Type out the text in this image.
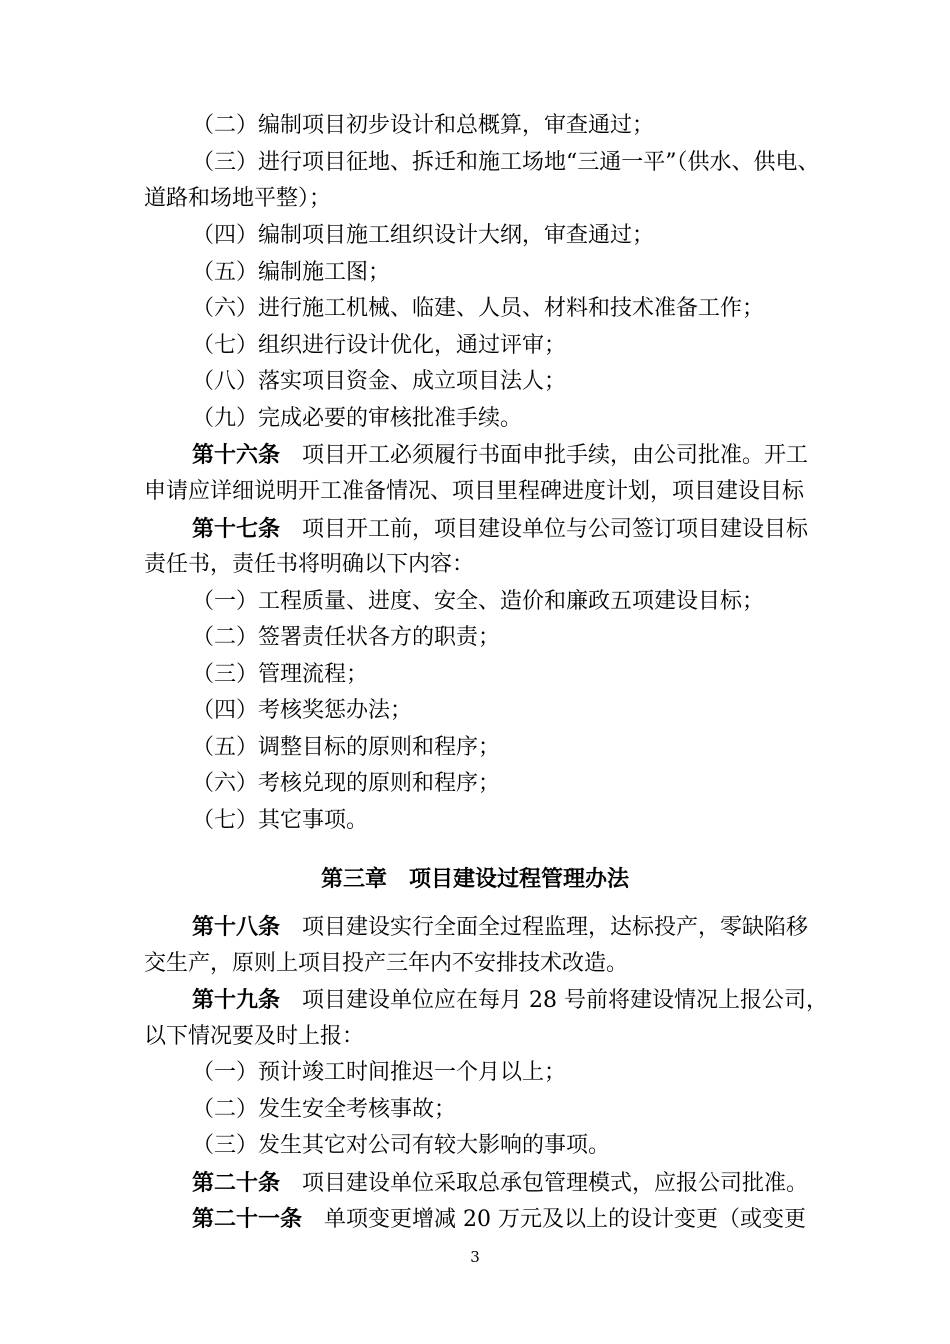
（二）编制项目初步设计和总概算，审查通过；
（三）进行项目征地、拆迁和施工场地“三通一平”（供水、供电、
道路和场地平整）；
（四）编制项目施工组织设计大纲，审查通过；
（五）编制施工图；
（六）进行施工机械、临建、人员、材料和技术准备工作；
（七）组织进行设计优化，通过评审；
（八）落实项目资金、成立项目法人；
（九）完成必要的审核批准手续。
第十六条 项目开工必须履行书面申批手续，由公司批准。开工
申请应详细说明开工准备情况、项目里程碑进度计划，项目建设目标
第十七条 项目开工前，项目建设单位与公司签订项目建设目标
责任书，责任书将明确以下内容：
（一）工程质量、进度、安全、造价和廉政五项建设目标；
（二）签署责任状各方的职责；
（三）管理流程；
（四）考核奖惩办法；
（五）调整目标的原则和程序；
（六）考核兑现的原则和程序；
（七）其它事项。
第三章　项目建设过程管理办法
第十八条 项目建设实行全面全过程监理，达标投产，零缺陷移
交生产，原则上项目投产三年内不安排技术改造。
第十九条 项目建设单位应在每月 28 号前将建设情况上报公司，
以下情况要及时上报：
（一）预计竣工时间推迟一个月以上；
（二）发生安全考核事故；
（三）发生其它对公司有较大影响的事项。
第二十条 项目建设单位采取总承包管理模式，应报公司批准。
第二十一条 单项变更增减 20 万元及以上的设计变更（或变更
3
